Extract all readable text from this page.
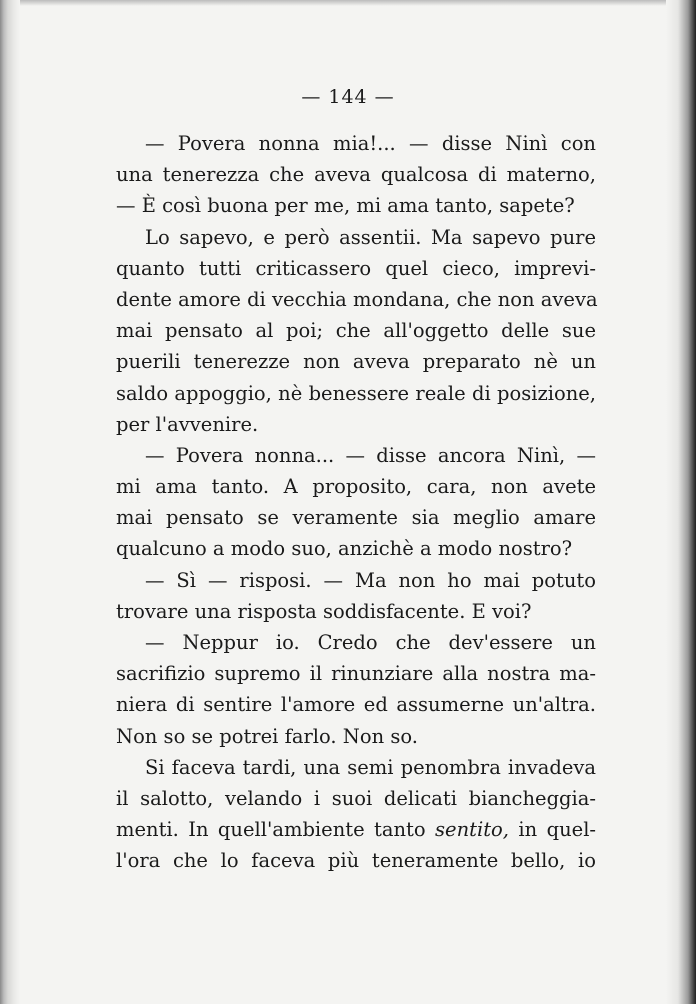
— 144 —
— Povera nonna mia!... — disse Ninì con
una tenerezza che aveva qualcosa di materno,
— È così buona per me, mi ama tanto, sapete?
Lo sapevo, e però assentii. Ma sapevo pure
quanto tutti criticassero quel cieco, imprevi-
dente amore di vecchia mondana, che non aveva
mai pensato al poi; che all'oggetto delle sue
puerili tenerezze non aveva preparato nè un
saldo appoggio, nè benessere reale di posizione,
per l'avvenire.
— Povera nonna... — disse ancora Ninì, —
mi ama tanto. A proposito, cara, non avete
mai pensato se veramente sia meglio amare
qualcuno a modo suo, anzichè a modo nostro?
— Sì — risposi. — Ma non ho mai potuto
trovare una risposta soddisfacente. E voi?
— Neppur io. Credo che dev'essere un
sacrifizio supremo il rinunziare alla nostra ma-
niera di sentire l'amore ed assumerne un'altra.
Non so se potrei farlo. Non so.
Si faceva tardi, una semi penombra invadeva
il salotto, velando i suoi delicati biancheggia-
menti. In quell'ambiente tanto sentito, in quel-
l'ora che lo faceva più teneramente bello, io
